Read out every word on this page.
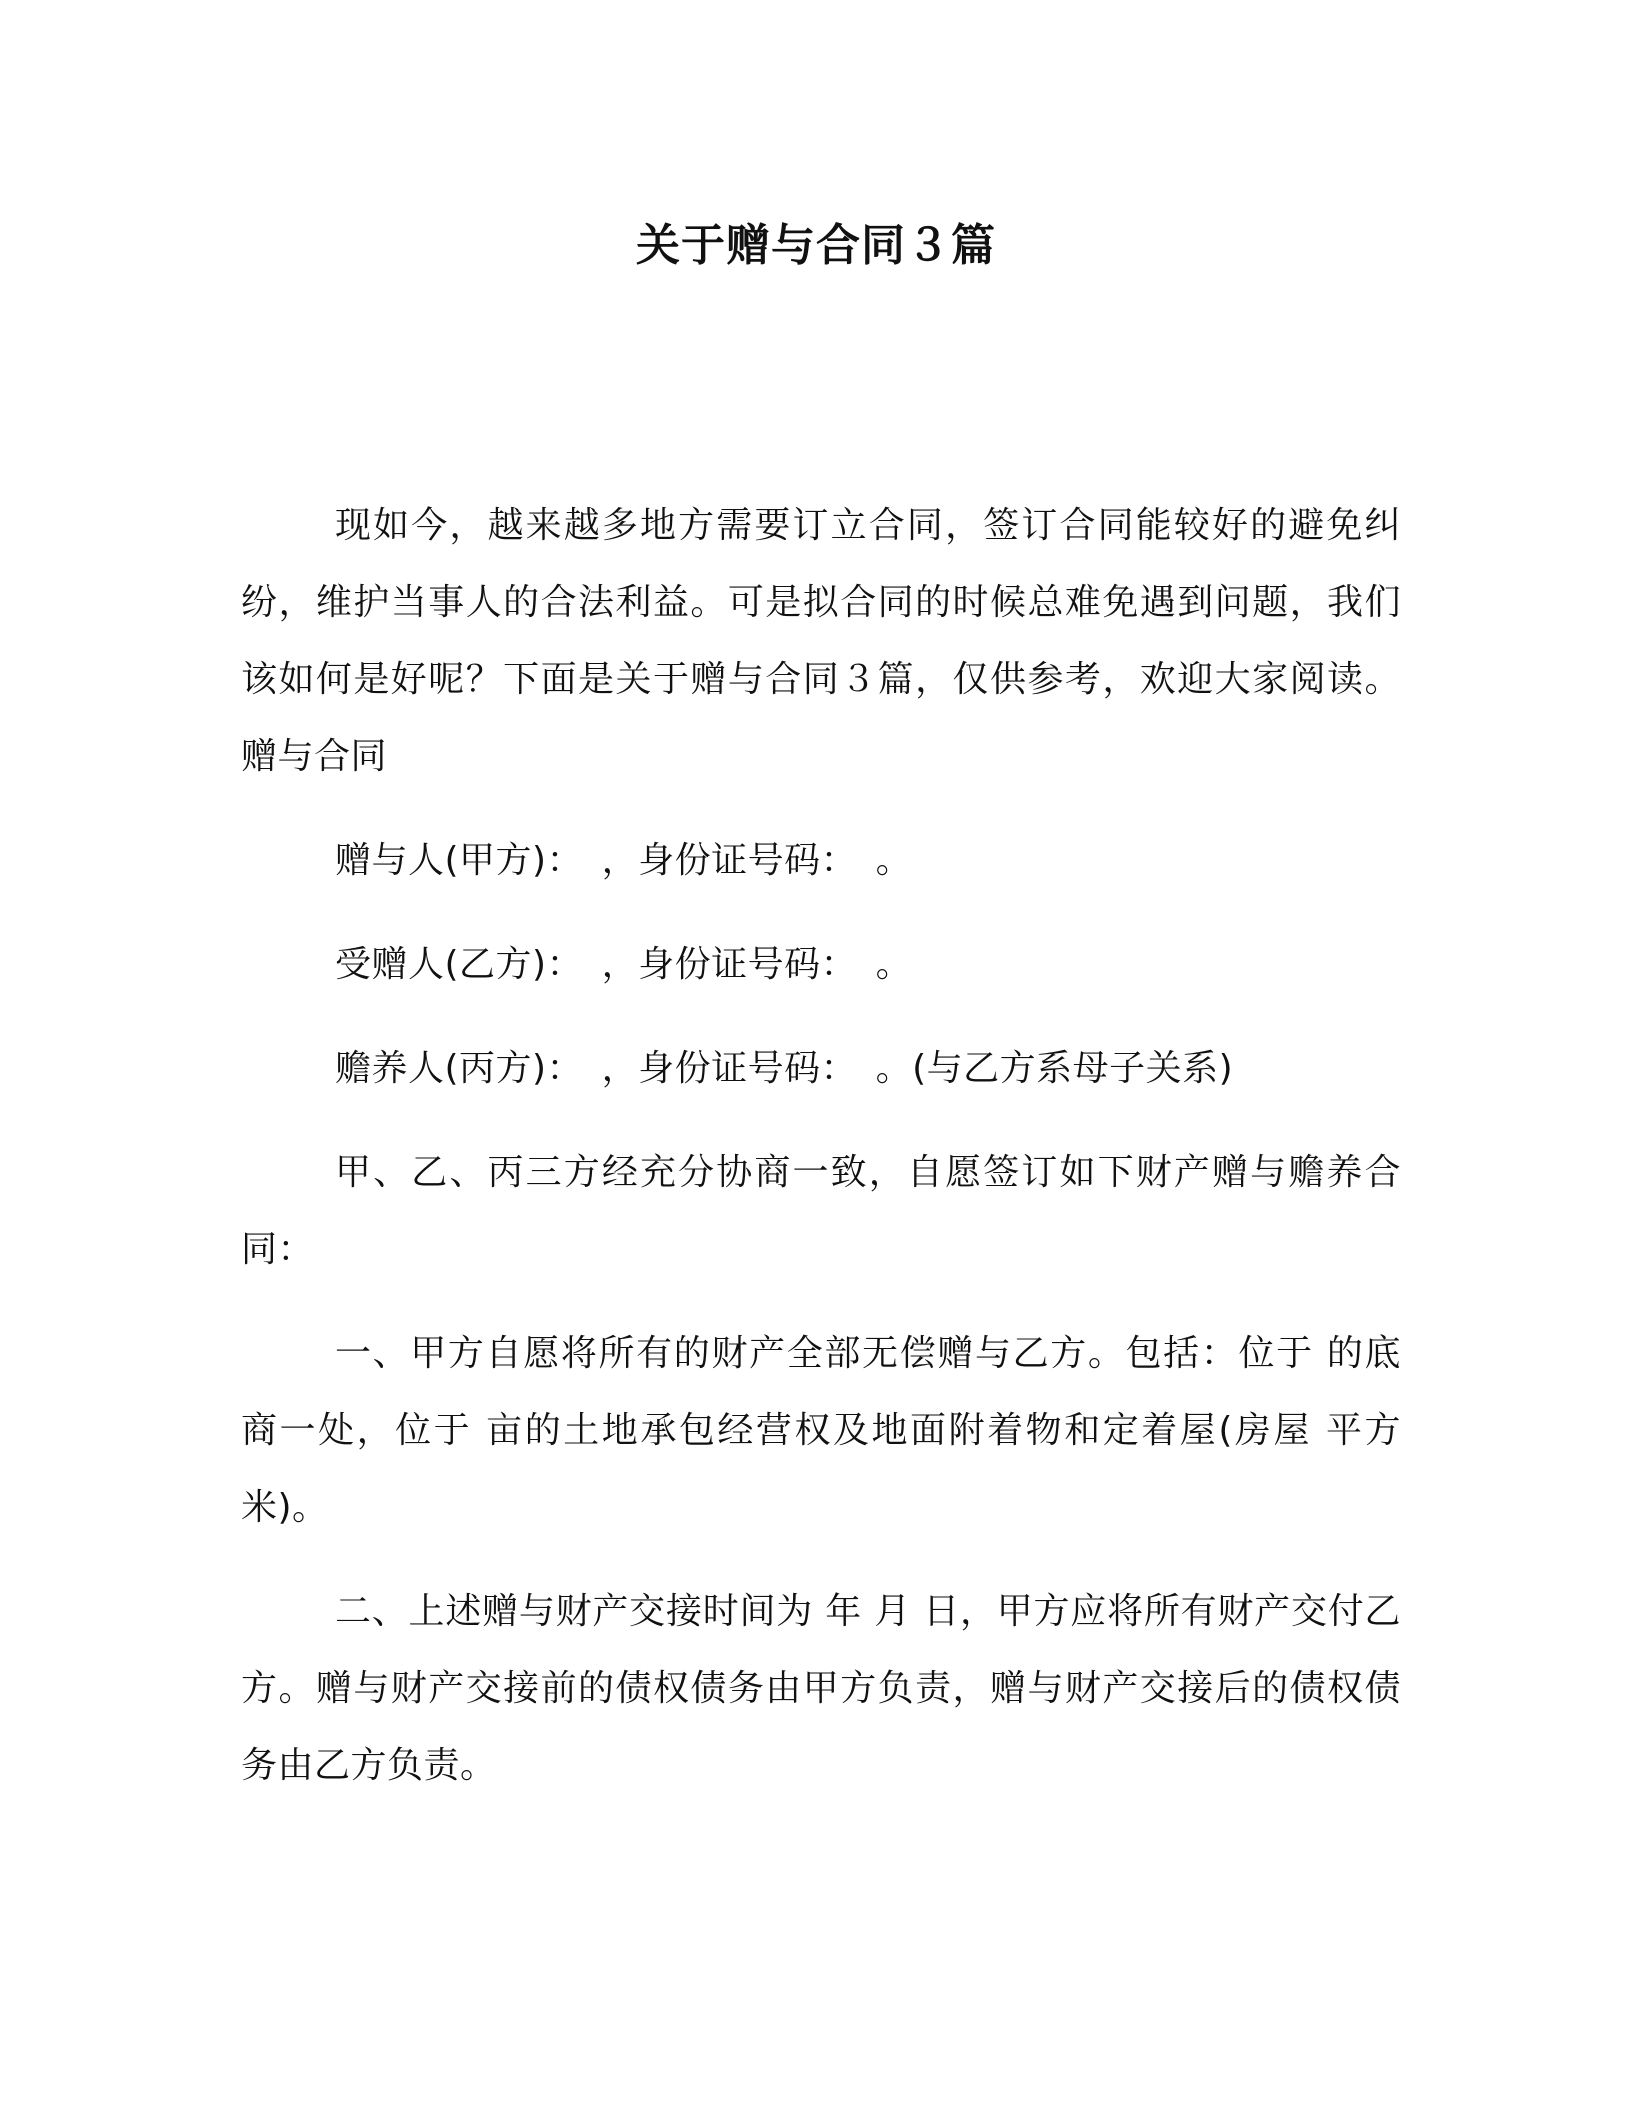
关于赠与合同３篇

现如今，越来越多地方需要订立合同，签订合同能较好的避免纠纷，维护当事人的合法利益。可是拟合同的时候总难免遇到问题，我们该如何是好呢？下面是关于赠与合同３篇，仅供参考，欢迎大家阅读。赠与合同

赠与人(甲方)：　，身份证号码：　。

受赠人(乙方)：　，身份证号码：　。

赡养人(丙方)：　，身份证号码：　。(与乙方系母子关系)

甲、乙、丙三方经充分协商一致，自愿签订如下财产赠与赡养合同：

一、甲方自愿将所有的财产全部无偿赠与乙方。包括：位于 的底商一处，位于 亩的土地承包经营权及地面附着物和定着屋(房屋 平方米)。

二、上述赠与财产交接时间为 年 月 日，甲方应将所有财产交付乙方。赠与财产交接前的债权债务由甲方负责，赠与财产交接后的债权债务由乙方负责。
